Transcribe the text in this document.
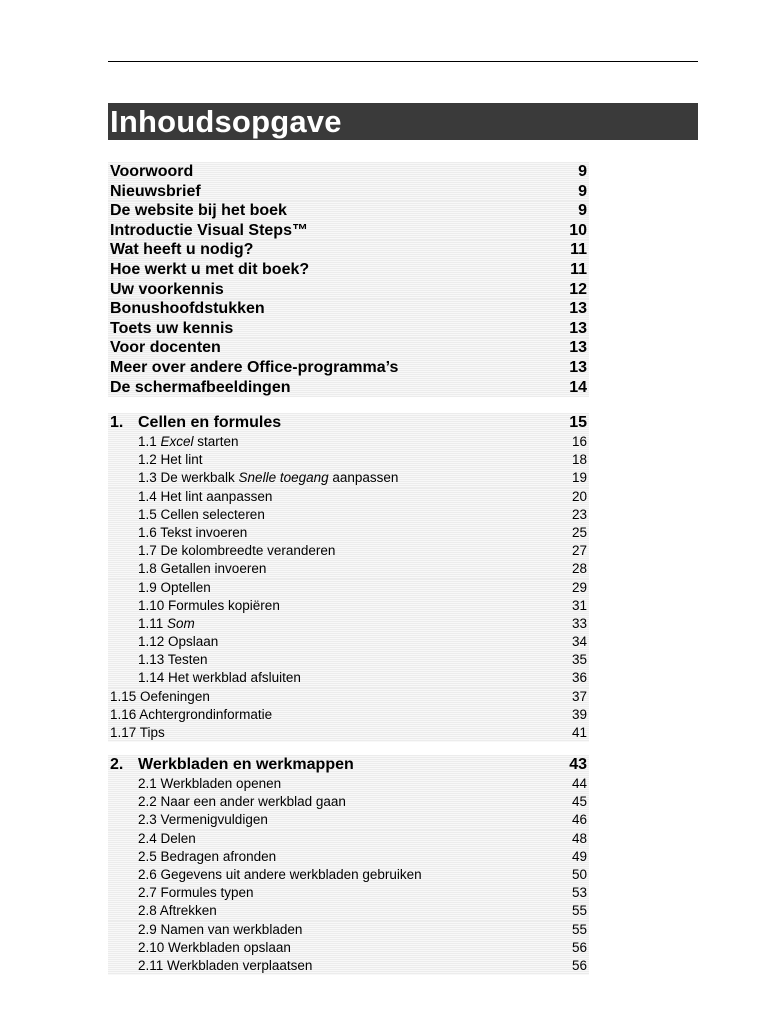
Inhoudsopgave
Voorwoord	9
Nieuwsbrief	9
De website bij het boek	9
Introductie Visual Steps™	10
Wat heeft u nodig?	11
Hoe werkt u met dit boek?	11
Uw voorkennis	12
Bonushoofdstukken	13
Toets uw kennis	13
Voor docenten	13
Meer over andere Office-programma’s	13
De schermafbeeldingen	14
1. Cellen en formules	15
1.1 Excel starten	16
1.2 Het lint	18
1.3 De werkbalk Snelle toegang aanpassen	19
1.4 Het lint aanpassen	20
1.5 Cellen selecteren	23
1.6 Tekst invoeren	25
1.7 De kolombreedte veranderen	27
1.8 Getallen invoeren	28
1.9 Optellen	29
1.10 Formules kopiëren	31
1.11 Som	33
1.12 Opslaan	34
1.13 Testen	35
1.14 Het werkblad afsluiten	36
1.15 Oefeningen	37
1.16 Achtergrondinformatie	39
1.17 Tips	41
2. Werkbladen en werkmappen	43
2.1 Werkbladen openen	44
2.2 Naar een ander werkblad gaan	45
2.3 Vermenigvuldigen	46
2.4 Delen	48
2.5 Bedragen afronden	49
2.6 Gegevens uit andere werkbladen gebruiken	50
2.7 Formules typen	53
2.8 Aftrekken	55
2.9 Namen van werkbladen	55
2.10 Werkbladen opslaan	56
2.11 Werkbladen verplaatsen	56
